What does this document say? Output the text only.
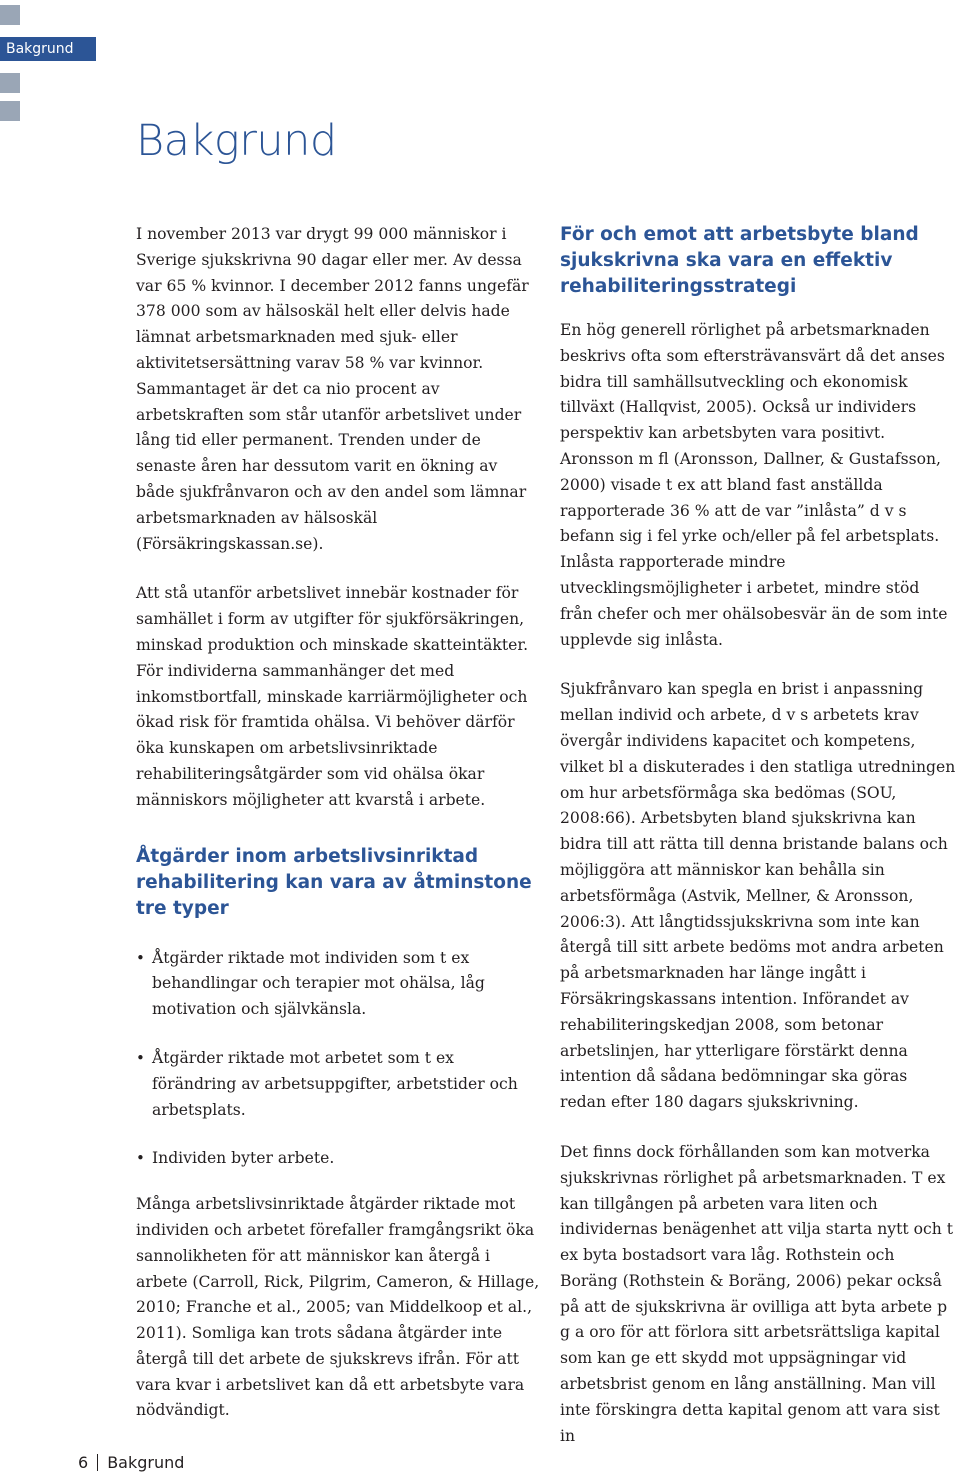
Bakgrund
Bakgrund

I november 2013 var drygt 99 000 människor i Sverige sjukskrivna 90 dagar eller mer. Av dessa var 65 % kvinnor. I december 2012 fanns ungefär 378 000 som av hälsoskäl helt eller delvis hade lämnat arbetsmarknaden med sjuk- eller aktivitetsersättning varav 58 % var kvinnor. Sammantaget är det ca nio procent av arbetskraften som står utanför arbetslivet under lång tid eller permanent. Trenden under de senaste åren har dessutom varit en ökning av både sjukfrånvaron och av den andel som lämnar arbetsmarknaden av hälsoskäl (Försäkringskassan.se).

Att stå utanför arbetslivet innebär kostnader för samhället i form av utgifter för sjukförsäkringen, minskad produktion och minskade skatteintäkter. För individerna sammanhänger det med inkomstbortfall, minskade karriärmöjligheter och ökad risk för framtida ohälsa. Vi behöver därför öka kunskapen om arbetslivsinriktade rehabiliteringsåtgärder som vid ohälsa ökar människors möjligheter att kvarstå i arbete.

Åtgärder inom arbetslivsinriktad rehabilitering kan vara av åtminstone tre typer
• Åtgärder riktade mot individen som t ex behandlingar och terapier mot ohälsa, låg motivation och självkänsla.
• Åtgärder riktade mot arbetet som t ex förändring av arbetsuppgifter, arbetstider och arbetsplats.
• Individen byter arbete.

Många arbetslivsinriktade åtgärder riktade mot individen och arbetet förefaller framgångsrikt öka sannolikheten för att människor kan återgå i arbete (Carroll, Rick, Pilgrim, Cameron, & Hillage, 2010; Franche et al., 2005; van Middelkoop et al., 2011). Somliga kan trots sådana åtgärder inte återgå till det arbete de sjukskrevs ifrån. För att vara kvar i arbetslivet kan då ett arbetsbyte vara nödvändigt.

För och emot att arbetsbyte bland sjukskrivna ska vara en effektiv rehabiliteringsstrategi

En hög generell rörlighet på arbetsmarknaden beskrivs ofta som eftersträvansvärt då det anses bidra till samhällsutveckling och ekonomisk tillväxt (Hallqvist, 2005). Också ur individers perspektiv kan arbetsbyten vara positivt. Aronsson m fl (Aronsson, Dallner, & Gustafsson, 2000) visade t ex att bland fast anställda rapporterade 36 % att de var ”inlåsta” d v s befann sig i fel yrke och/eller på fel arbetsplats. Inlåsta rapporterade mindre utvecklingsmöjligheter i arbetet, mindre stöd från chefer och mer ohälsobesvär än de som inte upplevde sig inlåsta.

Sjukfrånvaro kan spegla en brist i anpassning mellan individ och arbete, d v s arbetets krav övergår individens kapacitet och kompetens, vilket bl a diskuterades i den statliga utredningen om hur arbetsförmåga ska bedömas (SOU, 2008:66). Arbetsbyten bland sjukskrivna kan bidra till att rätta till denna bristande balans och möjliggöra att människor kan behålla sin arbetsförmåga (Astvik, Mellner, & Aronsson, 2006:3). Att långtidssjukskrivna som inte kan återgå till sitt arbete bedöms mot andra arbeten på arbetsmarknaden har länge ingått i Försäkringskassans intention. Införandet av rehabiliteringskedjan 2008, som betonar arbetslinjen, har ytterligare förstärkt denna intention då sådana bedömningar ska göras redan efter 180 dagars sjukskrivning.

Det finns dock förhållanden som kan motverka sjukskrivnas rörlighet på arbetsmarknaden. T ex kan tillgången på arbeten vara liten och individernas benägenhet att vilja starta nytt och t ex byta bostadsort vara låg. Rothstein och Boräng (Rothstein & Boräng, 2006) pekar också på att de sjukskrivna är ovilliga att byta arbete p g a oro för att förlora sitt arbetsrättsliga kapital som kan ge ett skydd mot uppsägningar vid arbetsbrist genom en lång anställning. Man vill inte förskingra detta kapital genom att vara sist in

6 Bakgrund
